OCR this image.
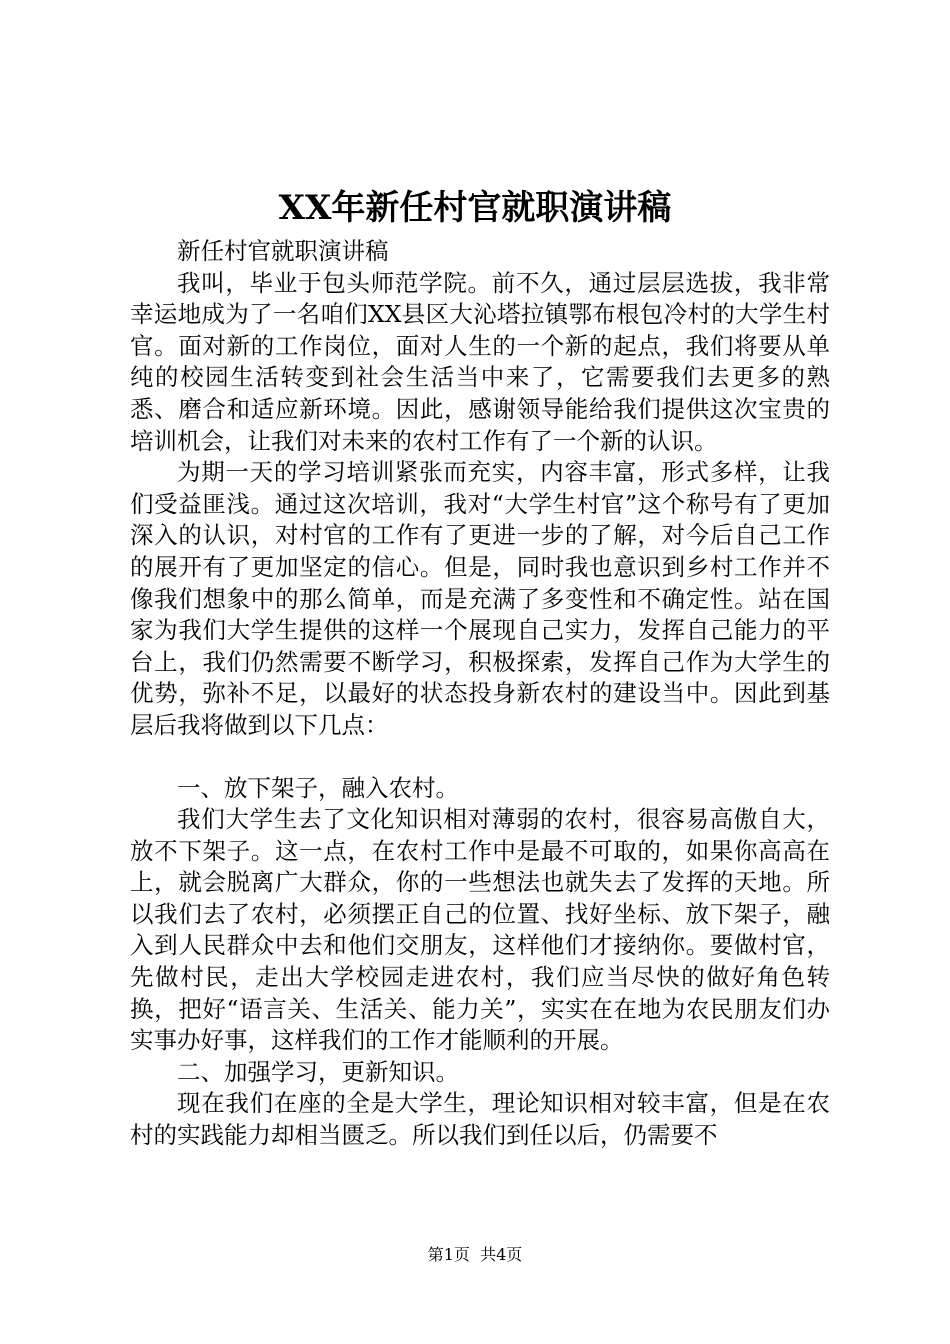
XX年新任村官就职演讲稿

新任村官就职演讲稿

我叫，毕业于包头师范学院。前不久，通过层层选拔，我非常幸运地成为了一名咱们XX县区大沁塔拉镇鄂布根包冷村的大学生村官。面对新的工作岗位，面对人生的一个新的起点，我们将要从单纯的校园生活转变到社会生活当中来了，它需要我们去更多的熟悉、磨合和适应新环境。因此，感谢领导能给我们提供这次宝贵的培训机会，让我们对未来的农村工作有了一个新的认识。

为期一天的学习培训紧张而充实，内容丰富，形式多样，让我们受益匪浅。通过这次培训，我对“大学生村官”这个称号有了更加深入的认识，对村官的工作有了更进一步的了解，对今后自己工作的展开有了更加坚定的信心。但是，同时我也意识到乡村工作并不像我们想象中的那么简单，而是充满了多变性和不确定性。站在国家为我们大学生提供的这样一个展现自己实力，发挥自己能力的平台上，我们仍然需要不断学习，积极探索，发挥自己作为大学生的优势，弥补不足，以最好的状态投身新农村的建设当中。因此到基层后我将做到以下几点：

一、放下架子，融入农村。

我们大学生去了文化知识相对薄弱的农村，很容易高傲自大，放不下架子。这一点，在农村工作中是最不可取的，如果你高高在上，就会脱离广大群众，你的一些想法也就失去了发挥的天地。所以我们去了农村，必须摆正自己的位置、找好坐标、放下架子，融入到人民群众中去和他们交朋友，这样他们才接纳你。要做村官，先做村民，走出大学校园走进农村，我们应当尽快的做好角色转换，把好“语言关、生活关、能力关”，实实在在地为农民朋友们办实事办好事，这样我们的工作才能顺利的开展。

二、加强学习，更新知识。

现在我们在座的全是大学生，理论知识相对较丰富，但是在农村的实践能力却相当匮乏。所以我们到任以后，仍需要不

第1页 共4页
